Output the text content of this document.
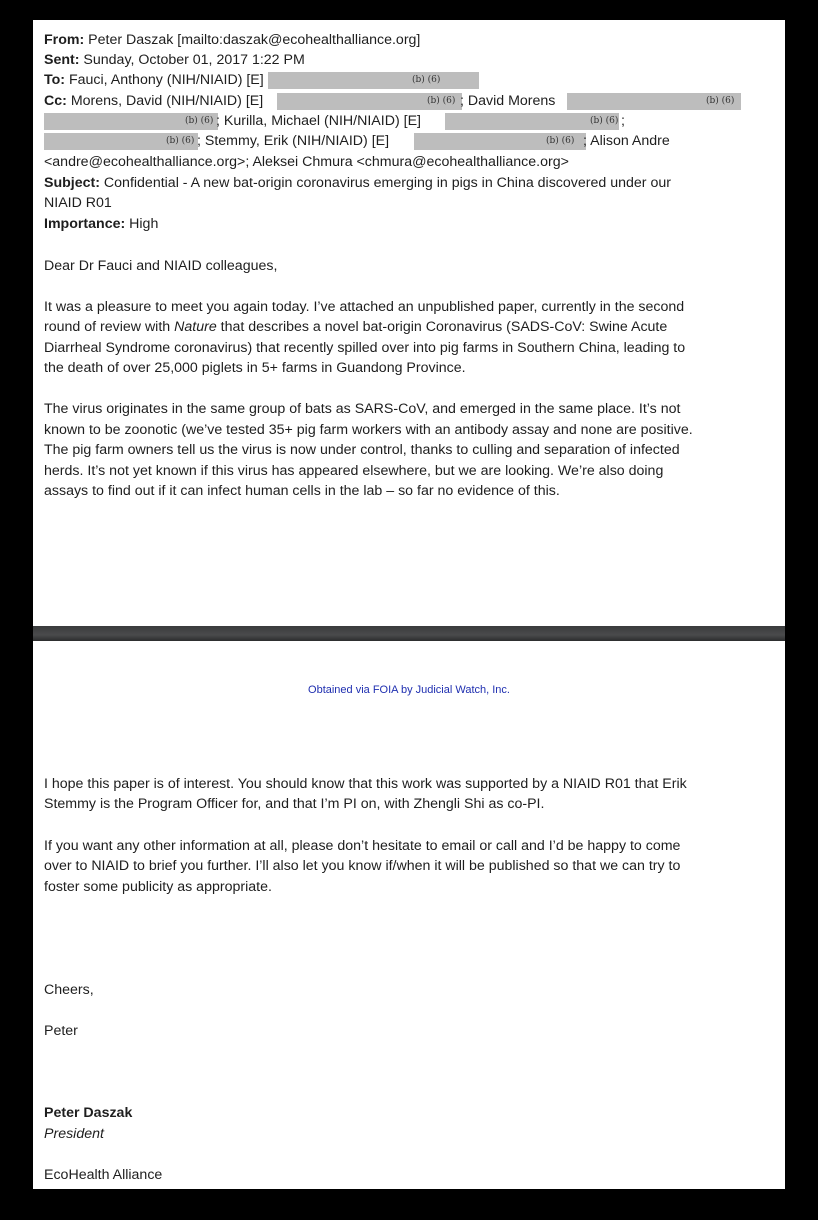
From: Peter Daszak [mailto:daszak@ecohealthalliance.org]
Sent: Sunday, October 01, 2017 1:22 PM
To: Fauci, Anthony (NIH/NIAID) [E]	(b) (6)
Cc: Morens, David (NIH/NIAID) [E]	(b) (6) ; David Morens	(b) (6)
(b) (6) ; Kurilla, Michael (NIH/NIAID) [E]	(b) (6) ;
(b) (6) ; Stemmy, Erik (NIH/NIAID) [E]	(b) (6) ; Alison Andre
<andre@ecohealthalliance.org>; Aleksei Chmura <chmura@ecohealthalliance.org>
Subject: Confidential - A new bat-origin coronavirus emerging in pigs in China discovered under our
NIAID R01
Importance: High
Dear Dr Fauci and NIAID colleagues,
It was a pleasure to meet you again today. I’ve attached an unpublished paper, currently in the second
round of review with Nature that describes a novel bat-origin Coronavirus (SADS-CoV: Swine Acute
Diarrheal Syndrome coronavirus) that recently spilled over into pig farms in Southern China, leading to
the death of over 25,000 piglets in 5+ farms in Guandong Province.
The virus originates in the same group of bats as SARS-CoV, and emerged in the same place. It’s not
known to be zoonotic (we’ve tested 35+ pig farm workers with an antibody assay and none are positive.
The pig farm owners tell us the virus is now under control, thanks to culling and separation of infected
herds. It’s not yet known if this virus has appeared elsewhere, but we are looking. We’re also doing
assays to find out if it can infect human cells in the lab – so far no evidence of this.
Obtained via FOIA by Judicial Watch, Inc.
I hope this paper is of interest. You should know that this work was supported by a NIAID R01 that Erik
Stemmy is the Program Officer for, and that I’m PI on, with Zhengli Shi as co-PI.
If you want any other information at all, please don’t hesitate to email or call and I’d be happy to come
over to NIAID to brief you further. I’ll also let you know if/when it will be published so that we can try to
foster some publicity as appropriate.
Cheers,
Peter
Peter Daszak
President
EcoHealth Alliance
